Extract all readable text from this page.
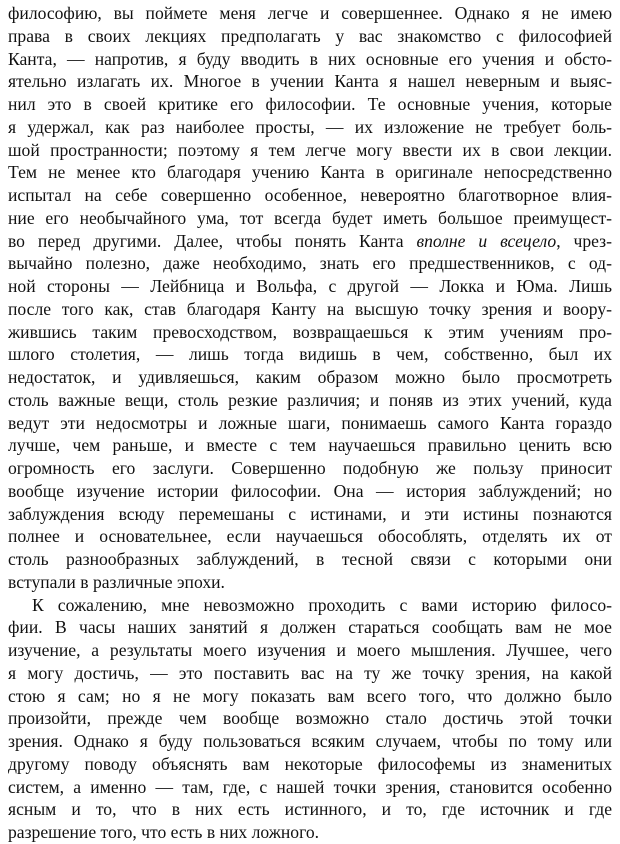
философию, вы поймете меня легче и совершеннее. Однако я не имею
права в своих лекциях предполагать у вас знакомство с философией
Канта, — напротив, я буду вводить в них основные его учения и обсто-
ятельно излагать их. Многое в учении Канта я нашел неверным и выяс-
нил это в своей критике его философии. Те основные учения, которые
я удержал, как раз наиболее просты, — их изложение не требует боль-
шой пространности; поэтому я тем легче могу ввести их в свои лекции.
Тем не менее кто благодаря учению Канта в оригинале непосредственно
испытал на себе совершенно особенное, невероятно благотворное влия-
ние его необычайного ума, тот всегда будет иметь большое преимущест-
во перед другими. Далее, чтобы понять Канта вполне и всецело, чрез-
вычайно полезно, даже необходимо, знать его предшественников, с од-
ной стороны — Лейбница и Вольфа, с другой — Локка и Юма. Лишь
после того как, став благодаря Канту на высшую точку зрения и воору-
жившись таким превосходством, возвращаешься к этим учениям про-
шлого столетия, — лишь тогда видишь в чем, собственно, был их
недостаток, и удивляешься, каким образом можно было просмотреть
столь важные вещи, столь резкие различия; и поняв из этих учений, куда
ведут эти недосмотры и ложные шаги, понимаешь самого Канта гораздо
лучше, чем раньше, и вместе с тем научаешься правильно ценить всю
огромность его заслуги. Совершенно подобную же пользу приносит
вообще изучение истории философии. Она — история заблуждений; но
заблуждения всюду перемешаны с истинами, и эти истины познаются
полнее и основательнее, если научаешься обособлять, отделять их от
столь разнообразных заблуждений, в тесной связи с которыми они
вступали в различные эпохи.
К сожалению, мне невозможно проходить с вами историю филосо-
фии. В часы наших занятий я должен стараться сообщать вам не мое
изучение, а результаты моего изучения и моего мышления. Лучшее, чего
я могу достичь, — это поставить вас на ту же точку зрения, на какой
стою я сам; но я не могу показать вам всего того, что должно было
произойти, прежде чем вообще возможно стало достичь этой точки
зрения. Однако я буду пользоваться всяким случаем, чтобы по тому или
другому поводу объяснять вам некоторые философемы из знаменитых
систем, а именно — там, где, с нашей точки зрения, становится особенно
ясным и то, что в них есть истинного, и то, где источник и где
разрешение того, что есть в них ложного.
